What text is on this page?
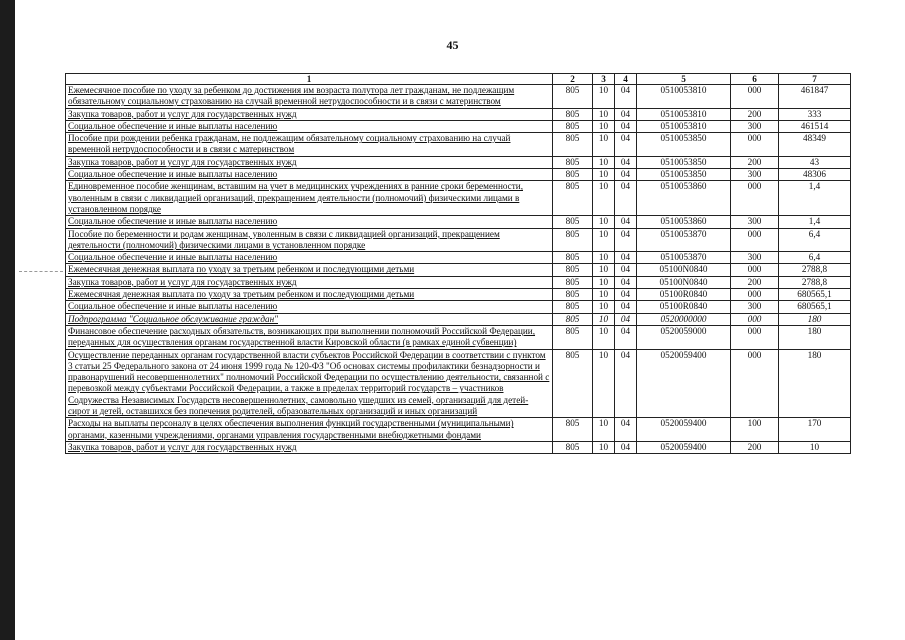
45
1	2	3	4	5	6	7
Ежемесячное пособие по уходу за ребенком до достижения им возраста полутора лет гражданам, не подлежащим обязательному социальному страхованию на случай временной нетрудоспособности и в связи с материнством	805	10	04	0510053810	000	461847
Закупка товаров, работ и услуг для государственных нужд	805	10	04	0510053810	200	333
Социальное обеспечение и иные выплаты населению	805	10	04	0510053810	300	461514
Пособие при рождении ребенка гражданам, не подлежащим обязательному социальному страхованию на случай временной нетрудоспособности и в связи с материнством	805	10	04	0510053850	000	48349
Закупка товаров, работ и услуг для государственных нужд	805	10	04	0510053850	200	43
Социальное обеспечение и иные выплаты населению	805	10	04	0510053850	300	48306
Единовременное пособие женщинам, вставшим на учет в медицинских учреждениях в ранние сроки беременности, уволенным в связи с ликвидацией организаций, прекращением деятельности (полномочий) физическими лицами в установленном порядке	805	10	04	0510053860	000	1,4
Социальное обеспечение и иные выплаты населению	805	10	04	0510053860	300	1,4
Пособие по беременности и родам женщинам, уволенным в связи с ликвидацией организаций, прекращением деятельности (полномочий) физическими лицами в установленном порядке	805	10	04	0510053870	000	6,4
Социальное обеспечение и иные выплаты населению	805	10	04	0510053870	300	6,4
Ежемесячная денежная выплата по уходу за третьим ребенком и последующими детьми	805	10	04	05100N0840	000	2788,8
Закупка товаров, работ и услуг для государственных нужд	805	10	04	05100N0840	200	2788,8
Ежемесячная денежная выплата по уходу за третьим ребенком и последующими детьми	805	10	04	05100R0840	000	680565,1
Социальное обеспечение и иные выплаты населению	805	10	04	05100R0840	300	680565,1
Подпрограмма "Социальное обслуживание граждан"	805	10	04	0520000000	000	180
Финансовое обеспечение расходных обязательств, возникающих при выполнении полномочий Российской Федерации, переданных для осуществления органам государственной власти Кировской области (в рамках единой субвенции)	805	10	04	0520059000	000	180
Осуществление переданных органам государственной власти субъектов Российской Федерации в соответствии с пунктом 3 статьи 25 Федерального закона от 24 июня 1999 года № 120-ФЗ "Об основах системы профилактики безнадзорности и правонарушений несовершеннолетних" полномочий Российской Федерации по осуществлению деятельности, связанной с перевозкой между субъектами Российской Федерации, а также в пределах территорий государств – участников Содружества Независимых Государств несовершеннолетних, самовольно ушедших из семей, организаций для детей-сирот и детей, оставшихся без попечения родителей, образовательных организаций и иных организаций	805	10	04	0520059400	000	180
Расходы на выплаты персоналу в целях обеспечения выполнения функций государственными (муниципальными) органами, казенными учреждениями, органами управления государственными внебюджетными фондами	805	10	04	0520059400	100	170
Закупка товаров, работ и услуг для государственных нужд	805	10	04	0520059400	200	10
